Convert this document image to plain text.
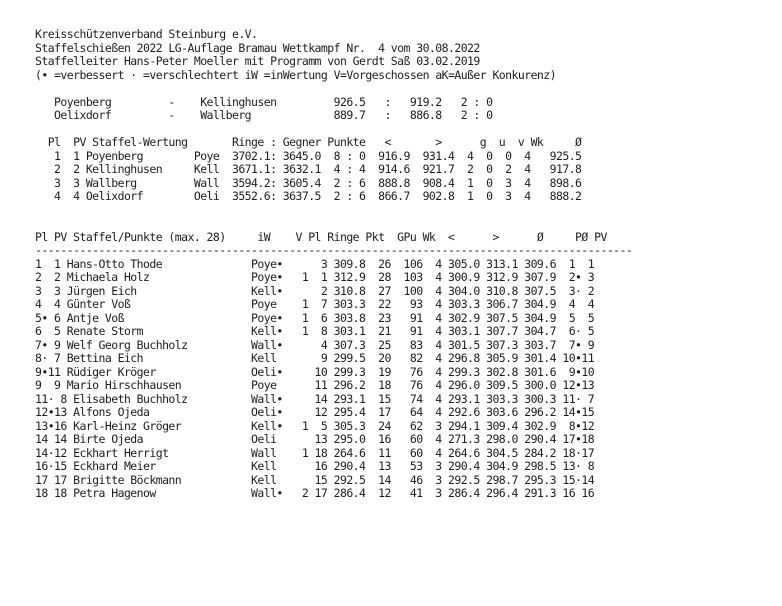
Kreisschützenverband Steinburg e.V.
Staffelschießen 2022 LG-Auflage Bramau Wettkampf Nr.  4 vom 30.08.2022
Staffelleiter Hans-Peter Moeller mit Programm von Gerdt Saß 03.02.2019
(• =verbessert · =verschlechtert iW =inWertung V=Vorgeschossen aK=Außer Konkurenz)
Poyenberg         -    Kellinghusen         926.5   :   919.2   2 : 0
Oelixdorf         -    Wallberg             889.7   :   886.8   2 : 0
Pl  PV Staffel-Wertung       Ringe : Gegner Punkte   <       >      g  u  v Wk     Ø
1  1 Poyenberg        Poye  3702.1: 3645.0  8 : 0  916.9  931.4  4  0  0  4   925.5
2  2 Kellinghusen     Kell  3671.1: 3632.1  4 : 4  914.6  921.7  2  0  2  4   917.8
3  3 Wallberg         Wall  3594.2: 3605.4  2 : 6  888.8  908.4  1  0  3  4   898.6
4  4 Oelixdorf        Oeli  3552.6: 3637.5  2 : 6  866.7  902.8  1  0  3  4   888.2
Pl PV Staffel/Punkte (max. 28)     iW    V Pl Ringe Pkt  GPu Wk  <      >      Ø     PØ PV
----------------------------------------------------------------------------------------------
1  1 Hans-Otto Thode              Poye•      3 309.8  26  106  4 305.0 313.1 309.6  1  1
2  2 Michaela Holz                Poye•   1  1 312.9  28  103  4 300.9 312.9 307.9  2• 3
3  3 Jürgen Eich                  Kell•      2 310.8  27  100  4 304.0 310.8 307.5  3· 2
4  4 Günter Voß                   Poye    1  7 303.3  22   93  4 303.3 306.7 304.9  4  4
5• 6 Antje Voß                    Poye•   1  6 303.8  23   91  4 302.9 307.5 304.9  5  5
6  5 Renate Storm                 Kell•   1  8 303.1  21   91  4 303.1 307.7 304.7  6· 5
7• 9 Welf Georg Buchholz          Wall•      4 307.3  25   83  4 301.5 307.3 303.7  7• 9
8· 7 Bettina Eich                 Kell       9 299.5  20   82  4 296.8 305.9 301.4 10•11
9•11 Rüdiger Kröger               Oeli•     10 299.3  19   76  4 299.3 302.8 301.6  9•10
9  9 Mario Hirschhausen           Poye      11 296.2  18   76  4 296.0 309.5 300.0 12•13
11· 8 Elisabeth Buchholz          Wall•     14 293.1  15   74  4 293.1 303.3 300.3 11· 7
12•13 Alfons Ojeda                Oeli•     12 295.4  17   64  4 292.6 303.6 296.2 14•15
13•16 Karl-Heinz Gröger           Kell•   1  5 305.3  24   62  3 294.1 309.4 302.9  8•12
14 14 Birte Ojeda                 Oeli      13 295.0  16   60  4 271.3 298.0 290.4 17•18
14·12 Eckhart Herrigt             Wall    1 18 264.6  11   60  4 264.6 304.5 284.2 18·17
16·15 Eckhard Meier               Kell      16 290.4  13   53  3 290.4 304.9 298.5 13· 8
17 17 Brigitte Böckmann           Kell      15 292.5  14   46  3 292.5 298.7 295.3 15·14
18 18 Petra Hagenow               Wall•   2 17 286.4  12   41  3 286.4 296.4 291.3 16 16
